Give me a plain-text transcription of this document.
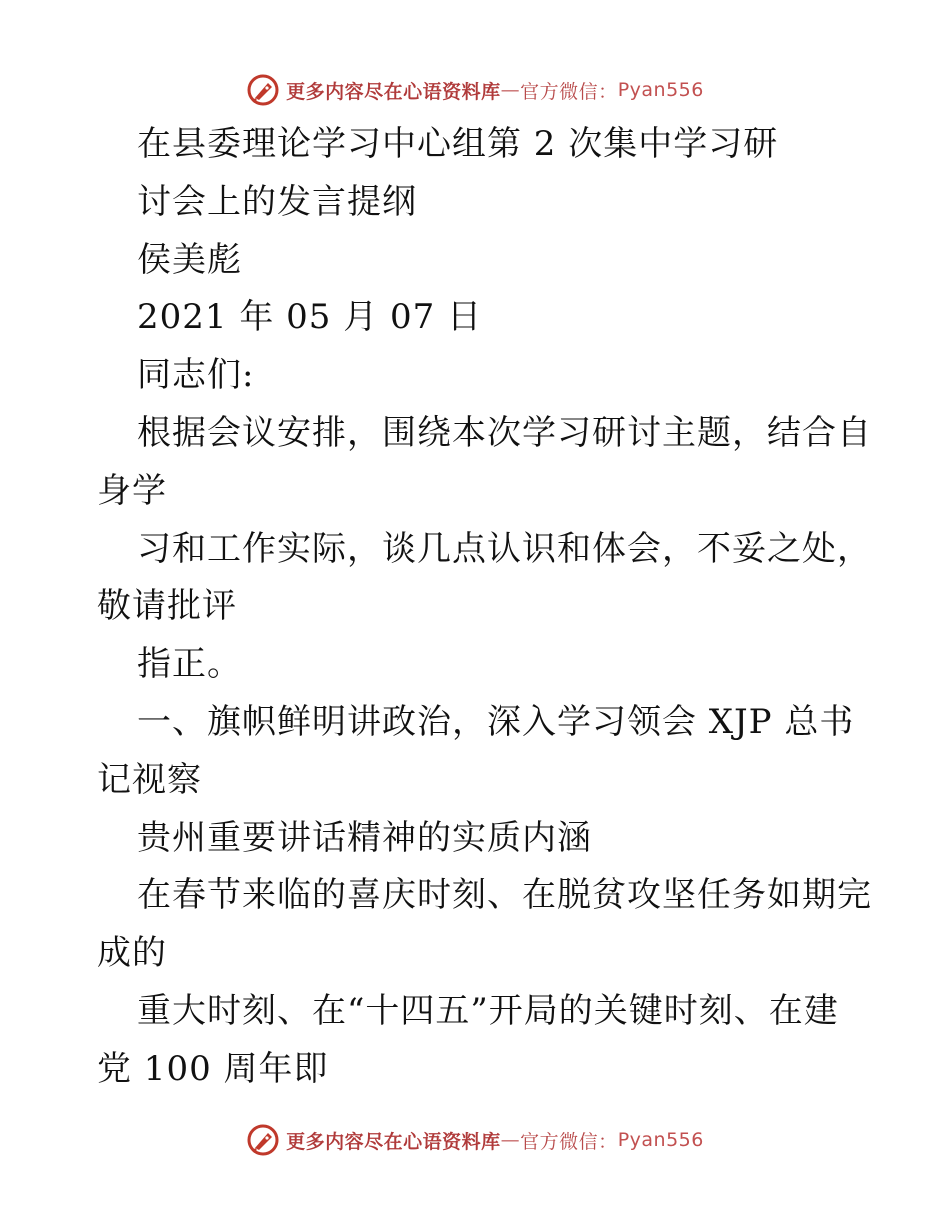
更多内容尽在心语资料库 — 官方微信： Pyan556
在县委理论学习中心组第 2 次集中学习研
讨会上的发言提纲
侯美彪
2021 年 05 月 07 日
同志们:
根据会议安排，围绕本次学习研讨主题，结合自
身学
习和工作实际，谈几点认识和体会，不妥之处，
敬请批评
指正。
一、旗帜鲜明讲政治，深入学习领会 XJP 总书
记视察
贵州重要讲话精神的实质内涵
在春节来临的喜庆时刻、在脱贫攻坚任务如期完
成的
重大时刻、在“十四五”开局的关键时刻、在建
党 100 周年即
更多内容尽在心语资料库 — 官方微信： Pyan556
